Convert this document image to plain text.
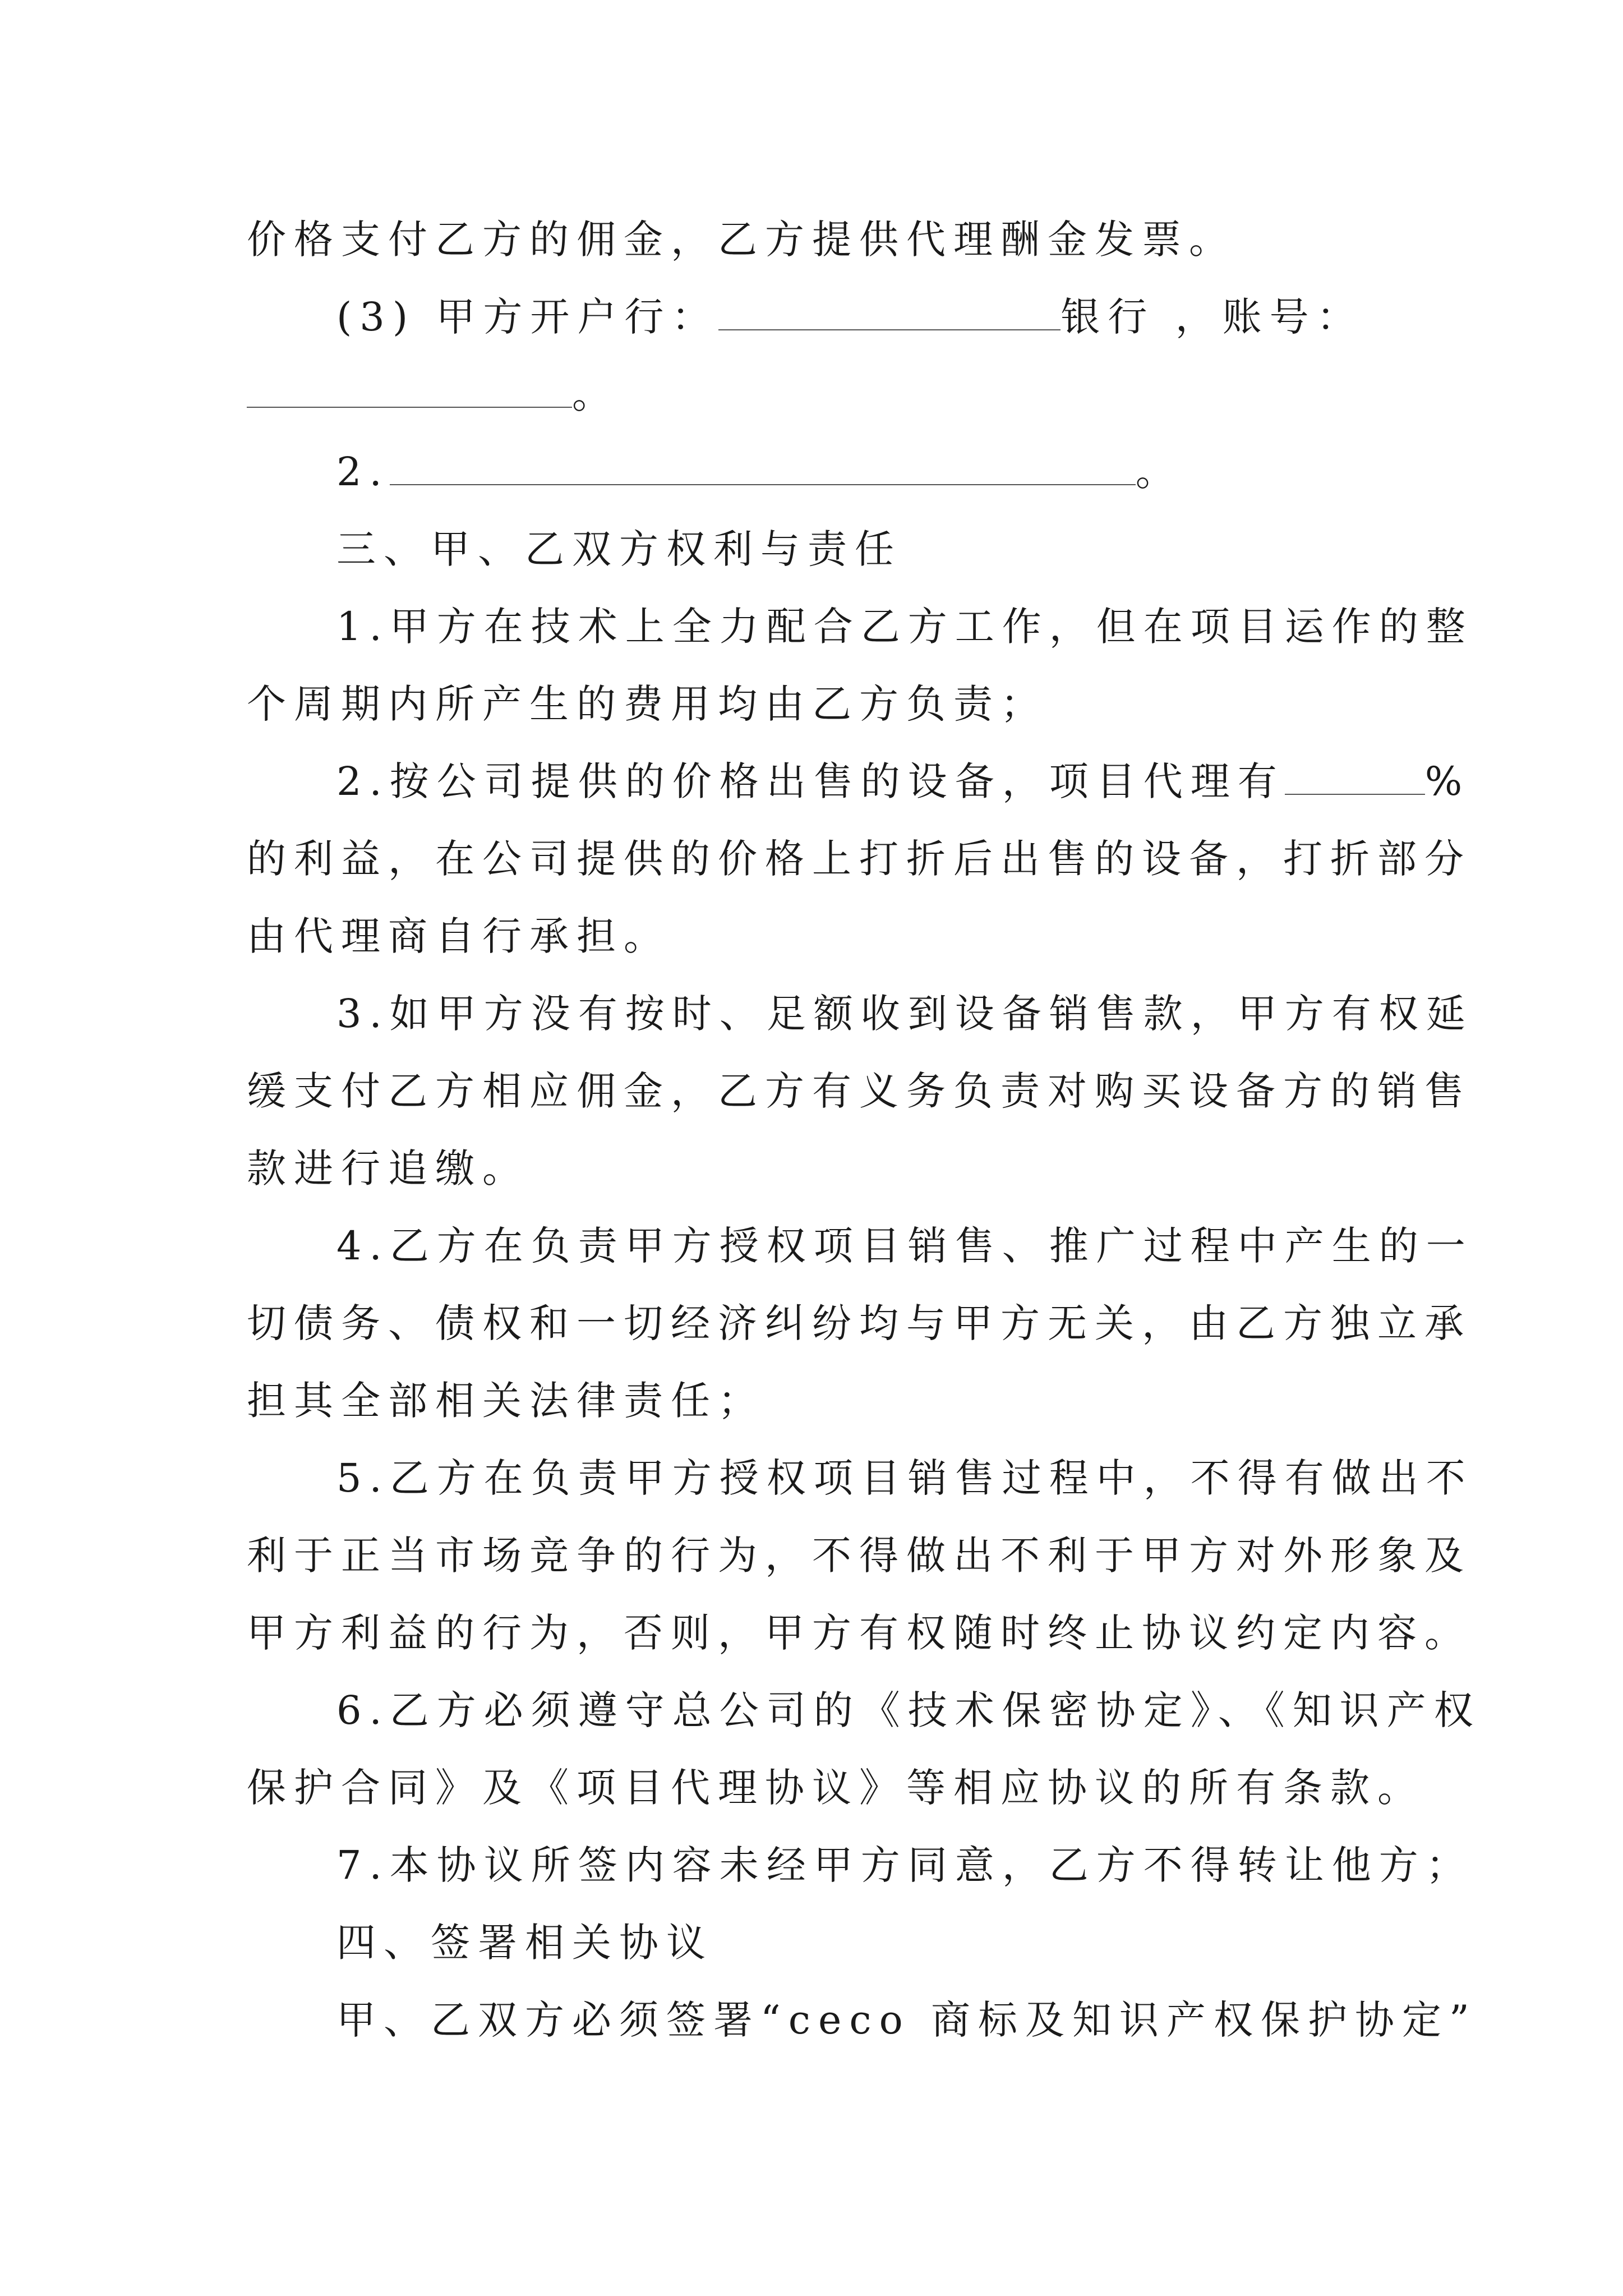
价格支付乙方的佣金，乙方提供代理酬金发票。
(3) 甲方开户行：	银行 ，账号：
。
2.	。
三、甲、乙双方权利与责任
1.甲方在技术上全力配合乙方工作，但在项目运作的整
个周期内所产生的费用均由乙方负责；
2.按公司提供的价格出售的设备，项目代理有	%
的利益，在公司提供的价格上打折后出售的设备，打折部分
由代理商自行承担。
3.如甲方没有按时、足额收到设备销售款，甲方有权延
缓支付乙方相应佣金，乙方有义务负责对购买设备方的销售
款进行追缴。
4.乙方在负责甲方授权项目销售、推广过程中产生的一
切债务、债权和一切经济纠纷均与甲方无关，由乙方独立承
担其全部相关法律责任；
5.乙方在负责甲方授权项目销售过程中，不得有做出不
利于正当市场竞争的行为，不得做出不利于甲方对外形象及
甲方利益的行为，否则，甲方有权随时终止协议约定内容。
6.乙方必须遵守总公司的《技术保密协定》、《知识产权
保护合同》及《项目代理协议》等相应协议的所有条款。
7.本协议所签内容未经甲方同意，乙方不得转让他方；
四、签署相关协议
甲、乙双方必须签署“ceco 商标及知识产权保护协定”
